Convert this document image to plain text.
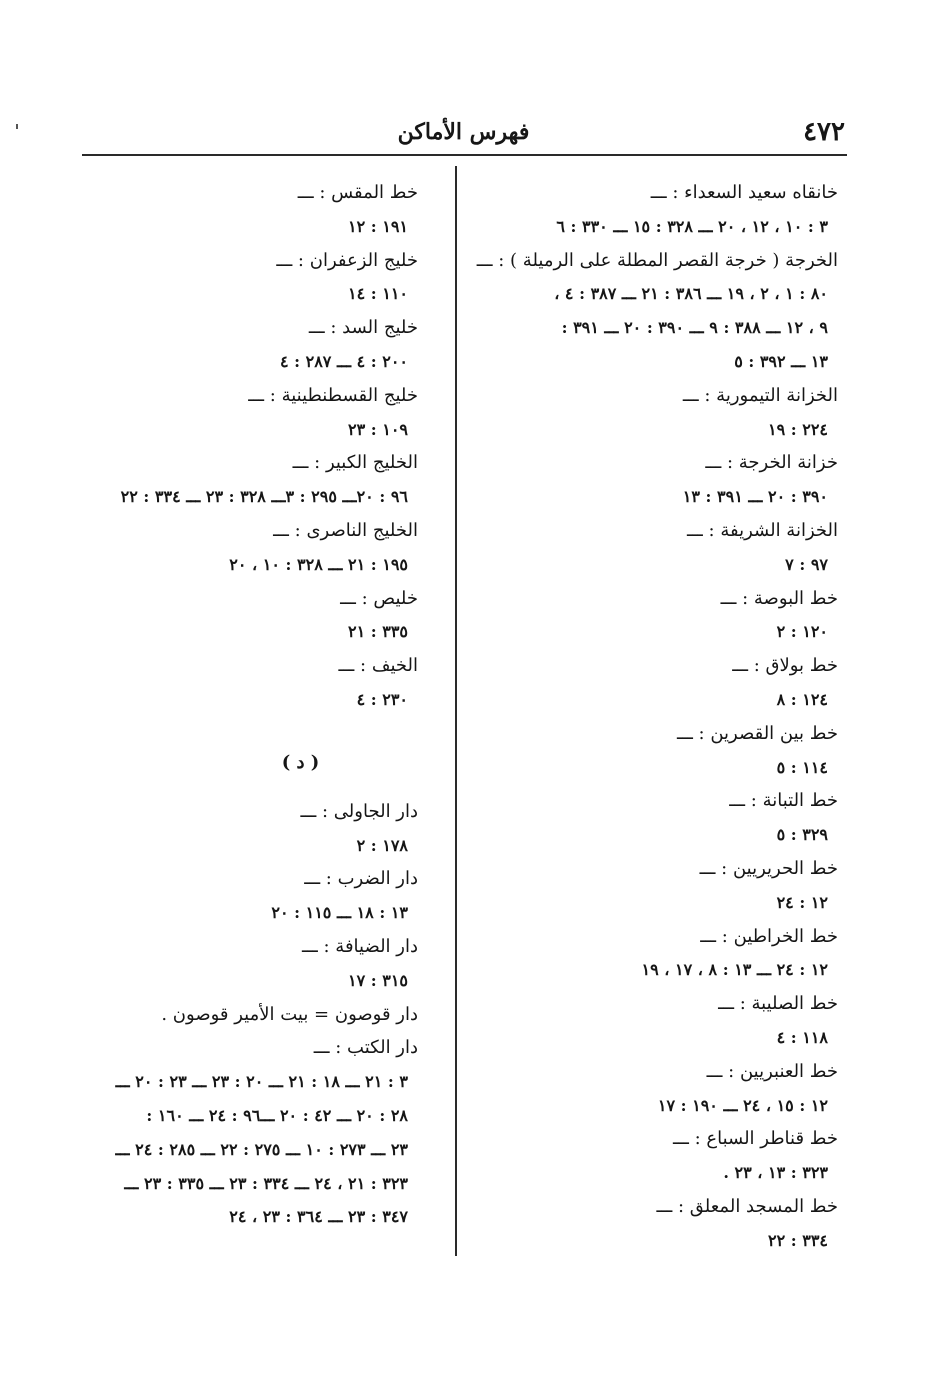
٤٧٢
فهرس الأماكن
خانقاه سعيد السعداء : ـــ
٣ : ١٠ ، ١٢ ، ٢٠ ـــ ٣٢٨ : ١٥ ـــ ٣٣٠ : ٦
الخرجة ( خرجة القصر المطلة على الرميلة ) : ـــ
٨٠ : ١ ، ٢ ، ١٩ ـــ ٣٨٦ : ٢١ ـــ ٣٨٧ : ٤ ،
٩ ، ١٢ ـــ ٣٨٨ : ٩ ـــ ٣٩٠ : ٢٠ ـــ ٣٩١ :
١٣ ـــ ٣٩٢ : ٥
الخزانة التيمورية : ـــ
٢٢٤ : ١٩
خزانة الخرجة : ـــ
٣٩٠ : ٢٠ ـــ ٣٩١ : ١٣
الخزانة الشريفة : ـــ
٩٧ : ٧
خط البوصة : ـــ
١٢٠ : ٢
خط بولاق : ـــ
١٢٤ : ٨
خط بين القصرين : ـــ
١١٤ : ٥
خط التبانة : ـــ
٣٢٩ : ٥
خط الحريريين : ـــ
١٢ : ٢٤
خط الخراطين : ـــ
١٢ : ٢٤ ـــ ١٣ : ٨ ، ١٧ ، ١٩
خط الصليبة : ـــ
١١٨ : ٤
خط العنبريين : ـــ
١٢ : ١٥ ، ٢٤ ـــ ١٩٠ : ١٧
خط قناطر السباع : ـــ
٣٢٣ : ١٣ ، ٢٣ .
خط المسجد المعلق : ـــ
٣٣٤ : ٢٢
خط المقس : ـــ
١٩١ : ١٢
خليج الزعفران : ـــ
١١٠ : ١٤
خليج السد : ـــ
٢٠٠ : ٤ ـــ ٢٨٧ : ٤
خليج القسطنطينية : ـــ
١٠٩ : ٢٣
الخليج الكبير : ـــ
٩٦ : ٢٠ـــ ٢٩٥ : ٣ـــ ٣٢٨ : ٢٣ ـــ ٣٣٤ : ٢٢
الخليج الناصرى : ـــ
١٩٥ : ٢١ ـــ ٣٢٨ : ١٠ ، ٢٠
خليص : ـــ
٣٣٥ : ٢١
الخيف : ـــ
٢٣٠ : ٤
( د )
دار الجاولى : ـــ
١٧٨ : ٢
دار الضرب : ـــ
١٣ : ١٨ ـــ ١١٥ : ٢٠
دار الضيافة : ـــ
٣١٥ : ١٧
دار قوصون = بيت الأمير قوصون .
دار الكتب : ـــ
٣ : ٢١ ـــ ١٨ : ٢١ ـــ ٢٠ : ٢٣ ـــ ٢٣ : ٢٠ ـــ
٢٨ : ٢٠ ـــ ٤٢ : ٢٠ ـــ٩٦ : ٢٤ ـــ ١٦٠ :
٢٣ ـــ ٢٧٣ : ١٠ ـــ ٢٧٥ : ٢٢ ـــ ٢٨٥ : ٢٤ ـــ
٣٢٣ : ٢١ ، ٢٤ ـــ ٣٣٤ : ٢٣ ـــ ٣٣٥ : ٢٣ ـــ
٣٤٧ : ٢٣ ـــ ٣٦٤ : ٢٣ ، ٢٤
